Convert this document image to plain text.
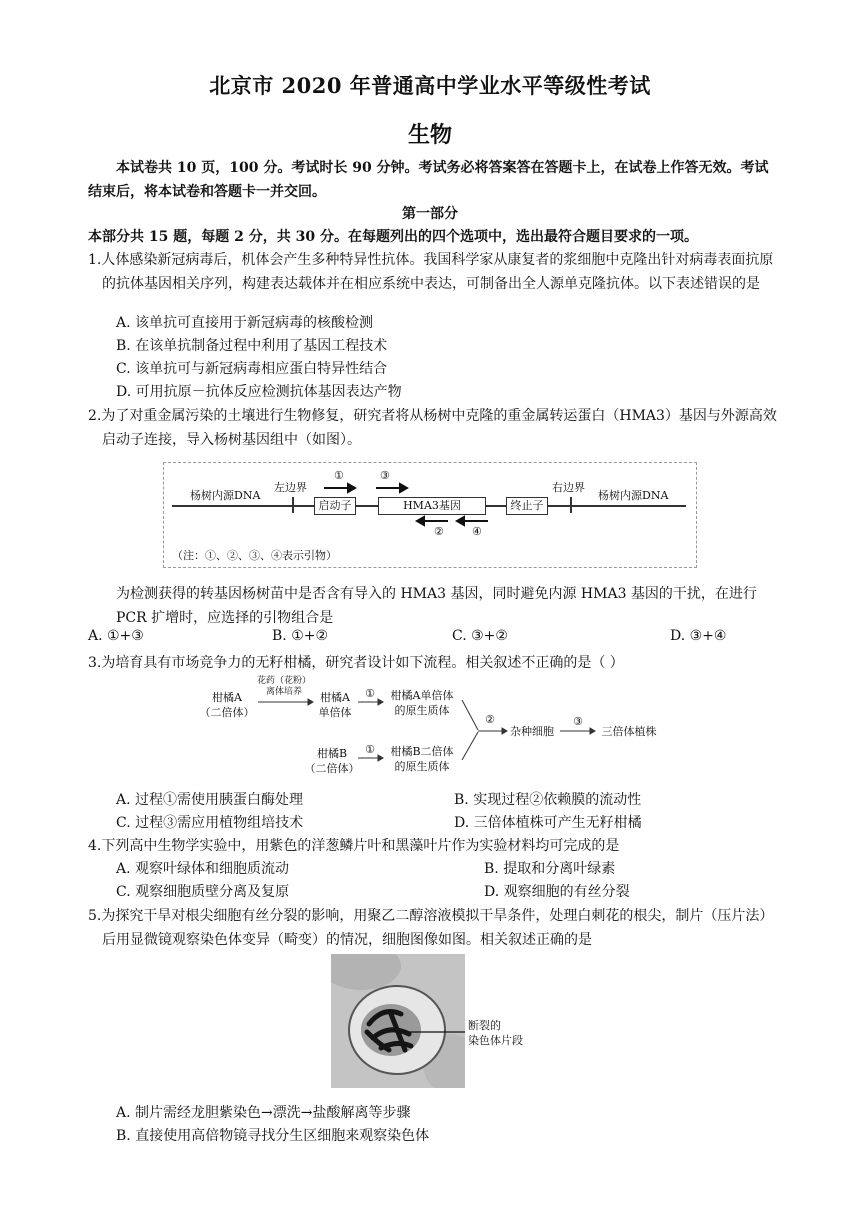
北京市 2020 年普通高中学业水平等级性考试
生物
本试卷共 10 页，100 分。考试时长 90 分钟。考试务必将答案答在答题卡上，在试卷上作答无效。考试结束后，将本试卷和答题卡一并交回。
第一部分
本部分共 15 题，每题 2 分，共 30 分。在每题列出的四个选项中，选出最符合题目要求的一项。
1.人体感染新冠病毒后，机体会产生多种特异性抗体。我国科学家从康复者的浆细胞中克隆出针对病毒表面抗原的抗体基因相关序列，构建表达载体并在相应系统中表达，可制备出全人源单克隆抗体。以下表述错误的是
A. 该单抗可直接用于新冠病毒的核酸检测
B. 在该单抗制备过程中利用了基因工程技术
C. 该单抗可与新冠病毒相应蛋白特异性结合
D. 可用抗原－抗体反应检测抗体基因表达产物
2.为了对重金属污染的土壤进行生物修复，研究者将从杨树中克隆的重金属转运蛋白（HMA3）基因与外源高效启动子连接，导入杨树基因组中（如图）。
杨树内源DNA	杨树内源DNA
左边界	右边界
启动子	HMA3基因	终止子
①	③
②	④
（注：①、②、③、④表示引物）
为检测获得的转基因杨树苗中是否含有导入的 HMA3 基因，同时避免内源 HMA3 基因的干扰，在进行 PCR 扩增时，应选择的引物组合是
A. ①+③	B. ①+②	C. ③+②	D. ③+④
3.为培育具有市场竞争力的无籽柑橘，研究者设计如下流程。相关叙述不正确的是（ ）
柑橘A
（二倍体）
花药（花粉）
离体培养	柑橘A
单倍体
①	柑橘A单倍体
的原生质体
柑橘B
（二倍体）
①	柑橘B二倍体
的原生质体
②
杂种细胞
③
三倍体植株
A. 过程①需使用胰蛋白酶处理	B. 实现过程②依赖膜的流动性
C. 过程③需应用植物组培技术	D. 三倍体植株可产生无籽柑橘
4.下列高中生物学实验中，用紫色的洋葱鳞片叶和黑藻叶片作为实验材料均可完成的是
A. 观察叶绿体和细胞质流动	B. 提取和分离叶绿素
C. 观察细胞质壁分离及复原	D. 观察细胞的有丝分裂
5.为探究干旱对根尖细胞有丝分裂的影响，用聚乙二醇溶液模拟干旱条件，处理白刺花的根尖，制片（压片法）后用显微镜观察染色体变异（畸变）的情况，细胞图像如图。相关叙述正确的是
断裂的
染色体片段
A. 制片需经龙胆紫染色→漂洗→盐酸解离等步骤
B. 直接使用高倍物镜寻找分生区细胞来观察染色体
